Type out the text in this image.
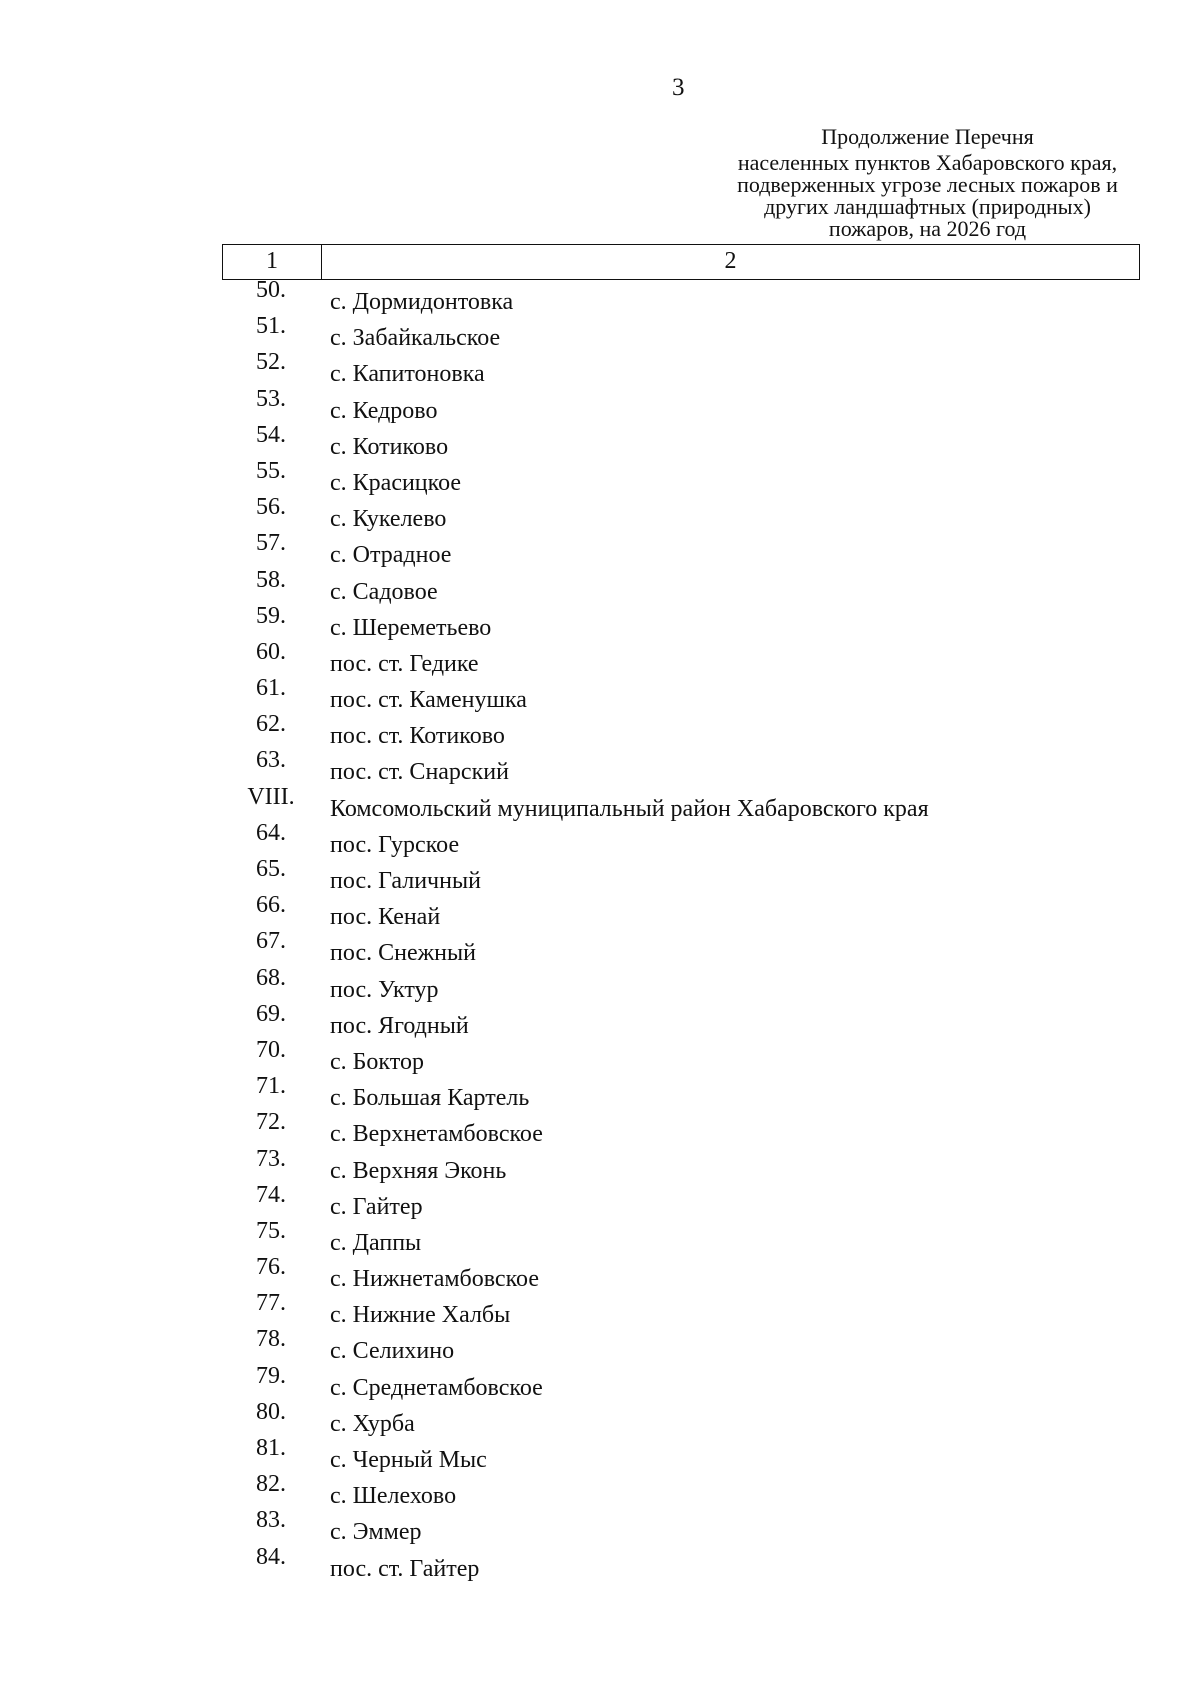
3
Продолжение Перечня
населенных пунктов Хабаровского края,
подверженных угрозе лесных пожаров и
других ландшафтных (природных)
пожаров, на 2026 год
1	2
50.	с. Дормидонтовка
51.	с. Забайкальское
52.	с. Капитоновка
53.	с. Кедрово
54.	с. Котиково
55.	с. Красицкое
56.	с. Кукелево
57.	с. Отрадное
58.	с. Садовое
59.	с. Шереметьево
60.	пос. ст. Гедике
61.	пос. ст. Каменушка
62.	пос. ст. Котиково
63.	пос. ст. Снарский
VIII.	Комсомольский муниципальный район Хабаровского края
64.	пос. Гурское
65.	пос. Галичный
66.	пос. Кенай
67.	пос. Снежный
68.	пос. Уктур
69.	пос. Ягодный
70.	с. Боктор
71.	с. Большая Картель
72.	с. Верхнетамбовское
73.	с. Верхняя Эконь
74.	с. Гайтер
75.	с. Даппы
76.	с. Нижнетамбовское
77.	с. Нижние Халбы
78.	с. Селихино
79.	с. Среднетамбовское
80.	с. Хурба
81.	с. Черный Мыс
82.	с. Шелехово
83.	с. Эммер
84.	пос. ст. Гайтер
